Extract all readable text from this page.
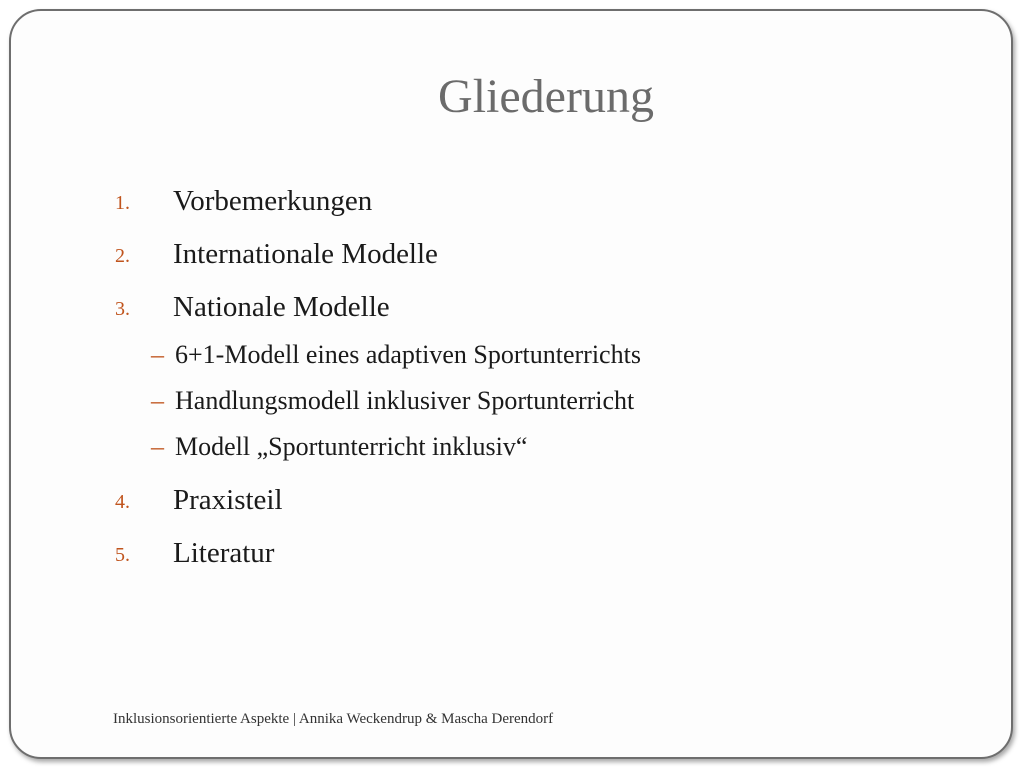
Gliederung
1. Vorbemerkungen
2. Internationale Modelle
3. Nationale Modelle
– 6+1-Modell eines adaptiven Sportunterrichts
– Handlungsmodell inklusiver Sportunterricht
– Modell „Sportunterricht inklusiv“
4. Praxisteil
5. Literatur
Inklusionsorientierte Aspekte | Annika Weckendrup & Mascha Derendorf
